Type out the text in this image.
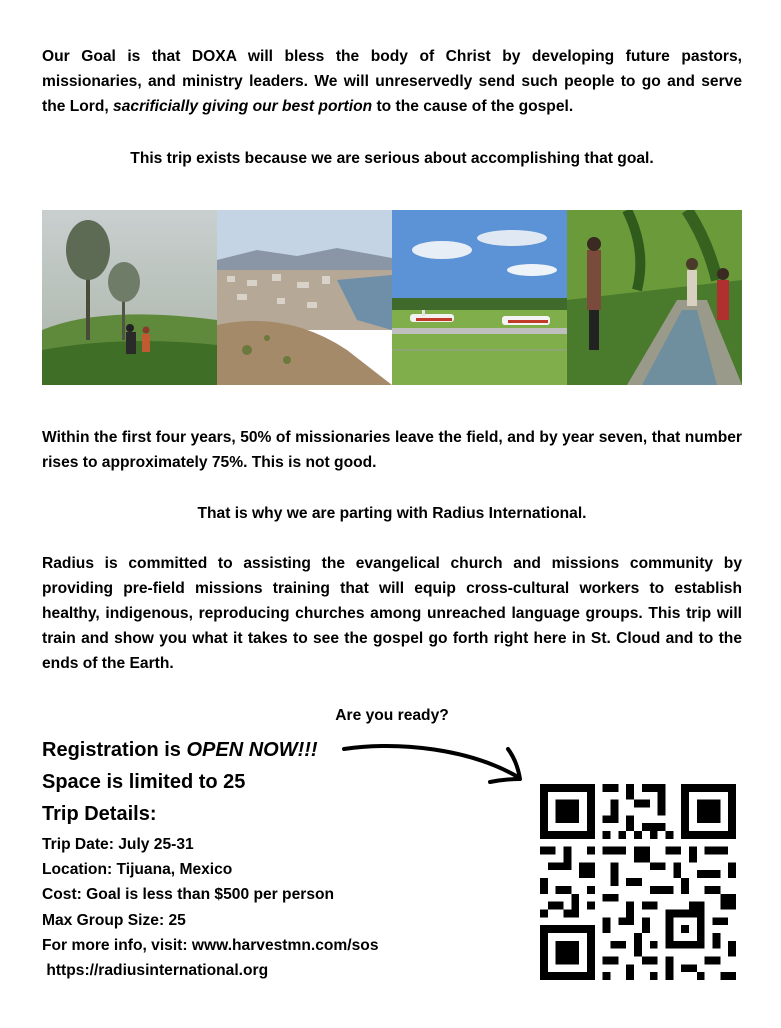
Our Goal is that DOXA will bless the body of Christ by developing future pastors, missionaries, and ministry leaders. We will unreservedly send such people to go and serve the Lord, sacrificially giving our best portion to the cause of the gospel.
This trip exists because we are serious about accomplishing that goal.
Within the first four years, 50% of missionaries leave the field, and by year seven, that number rises to approximately 75%. This is not good.
That is why we are parting with Radius International.
Radius is committed to assisting the evangelical church and missions community by providing pre-field missions training that will equip cross-cultural workers to establish healthy, indigenous, reproducing churches among unreached language groups. This trip will train and show you what it takes to see the gospel go forth right here in St. Cloud and to the ends of the Earth.
Are you ready?
Registration is OPEN NOW!!!
Space is limited to 25
Trip Details:
Trip Date: July 25-31
Location: Tijuana, Mexico
Cost: Goal is less than $500 per person
Max Group Size: 25
For more info, visit: www.harvestmn.com/sos
https://radiusinternational.org
